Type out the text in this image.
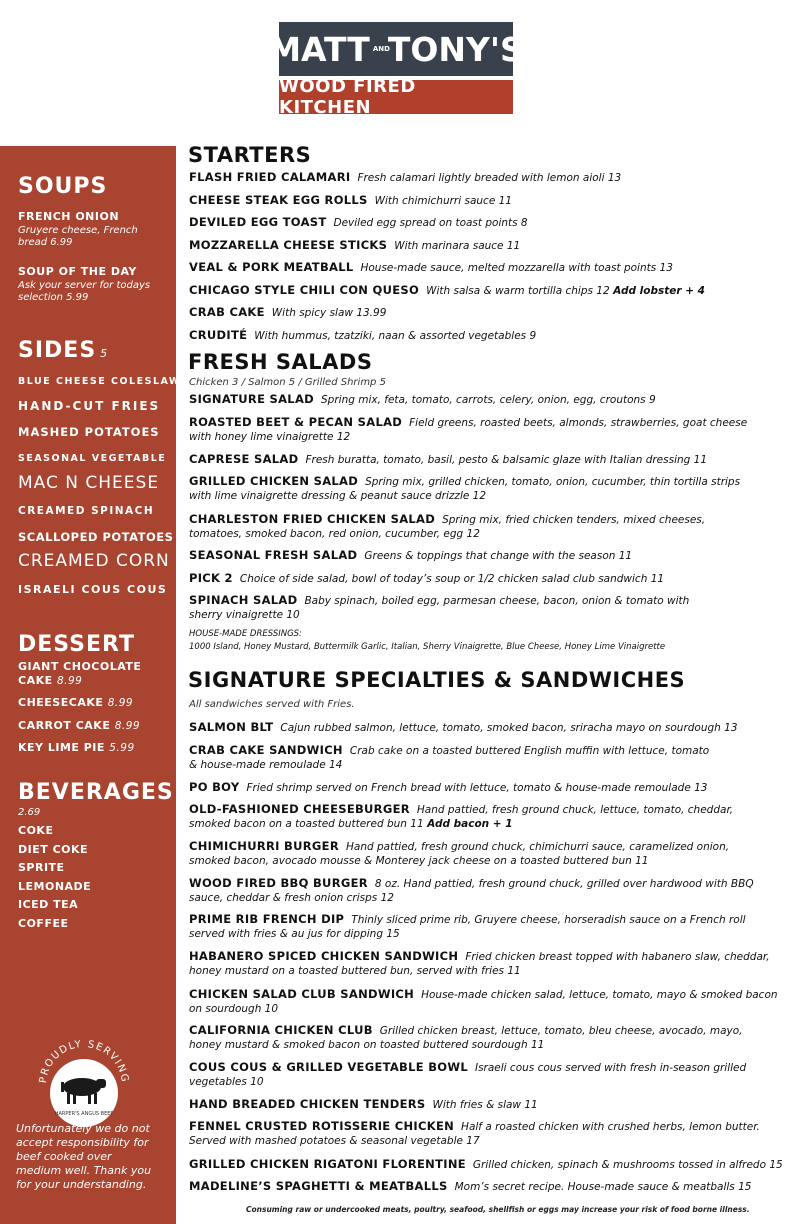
MATT AND
TONY'S
WOOD FIRED KITCHEN
SOUPS
FRENCH ONION
Gruyere cheese, French bread 6.99
SOUP OF THE DAY
Ask your server for todays selection 5.99
SIDES 5
BLUE CHEESE COLESLAW
HAND-CUT FRIES
MASHED POTATOES
SEASONAL VEGETABLE
MAC N CHEESE
CREAMED SPINACH
SCALLOPED POTATOES
CREAMED CORN
ISRAELI COUS COUS
DESSERT
GIANT CHOCOLATE
CAKE 8.99
CHEESECAKE 8.99
CARROT CAKE 8.99
KEY LIME PIE 5.99
BEVERAGES
2.69
COKE
DIET COKE
SPRITE
LEMONADE
ICED TEA
COFFEE
PROUDLY SERVING
HARPER'S ANGUS BEEF
Unfortunately we do not accept responsibility for beef cooked over medium well. Thank you for your understanding.
STARTERS
FLASH FRIED CALAMARI Fresh calamari lightly breaded with lemon aioli 13
CHEESE STEAK EGG ROLLS With chimichurri sauce 11
DEVILED EGG TOAST Deviled egg spread on toast points 8
MOZZARELLA CHEESE STICKS With marinara sauce 11
VEAL & PORK MEATBALL House-made sauce, melted mozzarella with toast points 13
CHICAGO STYLE CHILI CON QUESO With salsa & warm tortilla chips 12 Add lobster + 4
CRAB CAKE With spicy slaw 13.99
CRUDITÉ With hummus, tzatziki, naan & assorted vegetables 9
FRESH SALADS
Chicken 3 / Salmon 5 / Grilled Shrimp 5
SIGNATURE SALAD Spring mix, feta, tomato, carrots, celery, onion, egg, croutons 9
ROASTED BEET & PECAN SALAD Field greens, roasted beets, almonds, strawberries, goat cheese
with honey lime vinaigrette 12
CAPRESE SALAD Fresh buratta, tomato, basil, pesto & balsamic glaze with Italian dressing 11
GRILLED CHICKEN SALAD Spring mix, grilled chicken, tomato, onion, cucumber, thin tortilla strips
with lime vinaigrette dressing & peanut sauce drizzle 12
CHARLESTON FRIED CHICKEN SALAD Spring mix, fried chicken tenders, mixed cheeses,
tomatoes, smoked bacon, red onion, cucumber, egg 12
SEASONAL FRESH SALAD Greens & toppings that change with the season 11
PICK 2 Choice of side salad, bowl of today’s soup or 1/2 chicken salad club sandwich 11
SPINACH SALAD Baby spinach, boiled egg, parmesan cheese, bacon, onion & tomato with
sherry vinaigrette 10
HOUSE-MADE DRESSINGS:
1000 Island, Honey Mustard, Buttermilk Garlic, Italian, Sherry Vinaigrette, Blue Cheese, Honey Lime Vinaigrette
SIGNATURE SPECIALTIES & SANDWICHES
All sandwiches served with Fries.
SALMON BLT Cajun rubbed salmon, lettuce, tomato, smoked bacon, sriracha mayo on sourdough 13
CRAB CAKE SANDWICH Crab cake on a toasted buttered English muffin with lettuce, tomato
& house-made remoulade 14
PO BOY Fried shrimp served on French bread with lettuce, tomato & house-made remoulade 13
OLD-FASHIONED CHEESEBURGER Hand pattied, fresh ground chuck, lettuce, tomato, cheddar,
smoked bacon on a toasted buttered bun 11 Add bacon + 1
CHIMICHURRI BURGER Hand pattied, fresh ground chuck, chimichurri sauce, caramelized onion,
smoked bacon, avocado mousse & Monterey jack cheese on a toasted buttered bun 11
WOOD FIRED BBQ BURGER 8 oz. Hand pattied, fresh ground chuck, grilled over hardwood with BBQ
sauce, cheddar & fresh onion crisps 12
PRIME RIB FRENCH DIP Thinly sliced prime rib, Gruyere cheese, horseradish sauce on a French roll
served with fries & au jus for dipping 15
HABANERO SPICED CHICKEN SANDWICH Fried chicken breast topped with habanero slaw, cheddar,
honey mustard on a toasted buttered bun, served with fries 11
CHICKEN SALAD CLUB SANDWICH House-made chicken salad, lettuce, tomato, mayo & smoked bacon
on sourdough 10
CALIFORNIA CHICKEN CLUB Grilled chicken breast, lettuce, tomato, bleu cheese, avocado, mayo,
honey mustard & smoked bacon on toasted buttered sourdough 11
COUS COUS & GRILLED VEGETABLE BOWL Israeli cous cous served with fresh in-season grilled
vegetables 10
HAND BREADED CHICKEN TENDERS With fries & slaw 11
FENNEL CRUSTED ROTISSERIE CHICKEN Half a roasted chicken with crushed herbs, lemon butter.
Served with mashed potatoes & seasonal vegetable 17
GRILLED CHICKEN RIGATONI FLORENTINE Grilled chicken, spinach & mushrooms tossed in alfredo 15
MADELINE’S SPAGHETTI & MEATBALLS Mom’s secret recipe. House-made sauce & meatballs 15
Consuming raw or undercooked meats, poultry, seafood, shellfish or eggs may increase your risk of food borne illness.
